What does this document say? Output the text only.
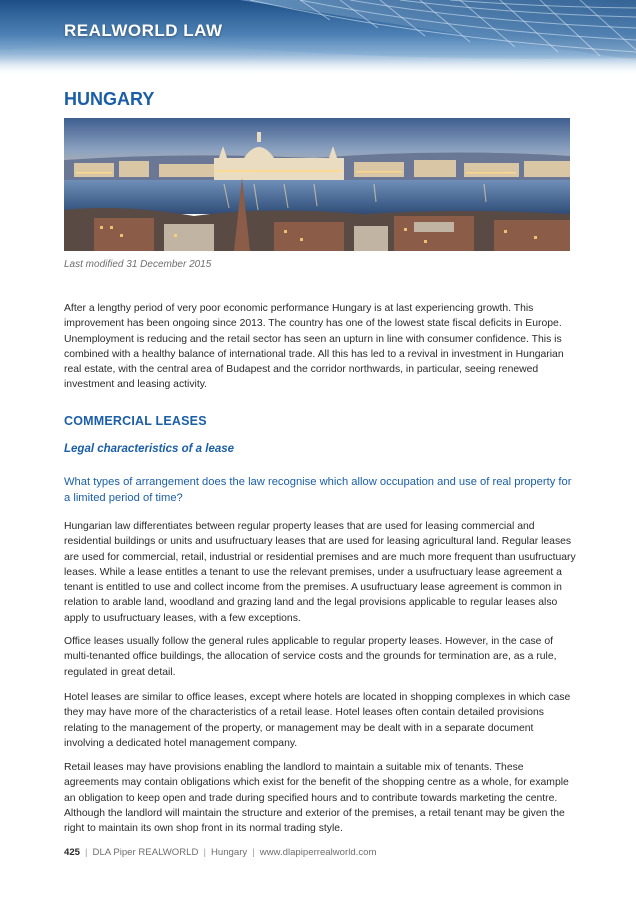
REALWORLD LAW
HUNGARY
Last modified 31 December 2015

After a lengthy period of very poor economic performance Hungary is at last experiencing growth. This improvement has been ongoing since 2013. The country has one of the lowest state fiscal deficits in Europe. Unemployment is reducing and the retail sector has seen an upturn in line with consumer confidence. This is combined with a healthy balance of international trade. All this has led to a revival in investment in Hungarian real estate, with the central area of Budapest and the corridor northwards, in particular, seeing renewed investment and leasing activity.

COMMERCIAL LEASES
Legal characteristics of a lease

What types of arrangement does the law recognise which allow occupation and use of real property for a limited period of time?

Hungarian law differentiates between regular property leases that are used for leasing commercial and residential buildings or units and usufructuary leases that are used for leasing agricultural land. Regular leases are used for commercial, retail, industrial or residential premises and are much more frequent than usufructuary leases. While a lease entitles a tenant to use the relevant premises, under a usufructuary lease agreement a tenant is entitled to use and collect income from the premises. A usufructuary lease agreement is common in relation to arable land, woodland and grazing land and the legal provisions applicable to regular leases also apply to usufructuary leases, with a few exceptions.

Office leases usually follow the general rules applicable to regular property leases. However, in the case of multi-tenanted office buildings, the allocation of service costs and the grounds for termination are, as a rule, regulated in great detail.

Hotel leases are similar to office leases, except where hotels are located in shopping complexes in which case they may have more of the characteristics of a retail lease. Hotel leases often contain detailed provisions relating to the management of the property, or management may be dealt with in a separate document involving a dedicated hotel management company.

Retail leases may have provisions enabling the landlord to maintain a suitable mix of tenants. These agreements may contain obligations which exist for the benefit of the shopping centre as a whole, for example an obligation to keep open and trade during specified hours and to contribute towards marketing the centre. Although the landlord will maintain the structure and exterior of the premises, a retail tenant may be given the right to maintain its own shop front in its normal trading style.

425 | DLA Piper REALWORLD | Hungary | www.dlapiperrealworld.com
